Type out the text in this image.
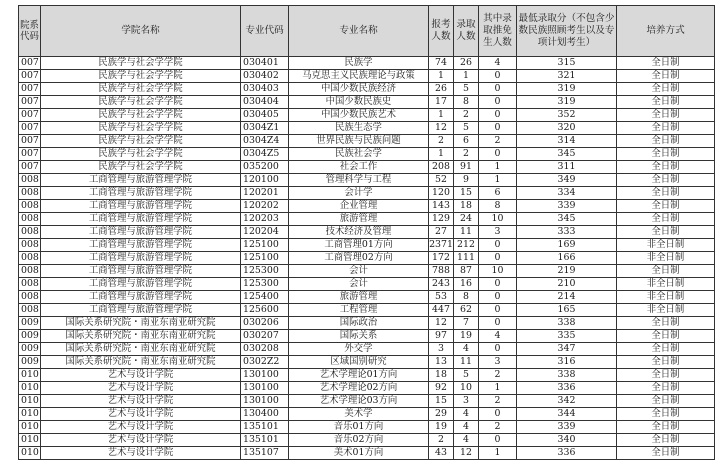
院系代码	学院名称	专业代码	专业名称	报考人数	录取人数	其中录取推免生人数	最低录取分（不包含少数民族照顾考生以及专项计划考生）	培养方式
007	民族学与社会学学院	030401	民族学	74	26	4	315	全日制
007	民族学与社会学学院	030402	马克思主义民族理论与政策	1	1	0	321	全日制
007	民族学与社会学学院	030403	中国少数民族经济	26	5	0	319	全日制
007	民族学与社会学学院	030404	中国少数民族史	17	8	0	319	全日制
007	民族学与社会学学院	030405	中国少数民族艺术	1	2	0	352	全日制
007	民族学与社会学学院	0304Z1	民族生态学	12	5	0	320	全日制
007	民族学与社会学学院	0304Z4	世界民族与民族问题	2	6	2	314	全日制
007	民族学与社会学学院	0304Z5	民族社会学	1	2	0	345	全日制
007	民族学与社会学学院	035200	社会工作	208	91	1	311	全日制
008	工商管理与旅游管理学院	120100	管理科学与工程	52	9	1	349	全日制
008	工商管理与旅游管理学院	120201	会计学	120	15	6	334	全日制
008	工商管理与旅游管理学院	120202	企业管理	143	18	8	339	全日制
008	工商管理与旅游管理学院	120203	旅游管理	129	24	10	345	全日制
008	工商管理与旅游管理学院	120204	技术经济及管理	27	11	3	333	全日制
008	工商管理与旅游管理学院	125100	工商管理01方向	2371	212	0	169	非全日制
008	工商管理与旅游管理学院	125100	工商管理02方向	172	111	0	166	非全日制
008	工商管理与旅游管理学院	125300	会计	788	87	10	219	全日制
008	工商管理与旅游管理学院	125300	会计	243	16	0	210	非全日制
008	工商管理与旅游管理学院	125400	旅游管理	53	8	0	214	非全日制
008	工商管理与旅游管理学院	125600	工程管理	447	62	0	165	非全日制
009	国际关系研究院・南亚东南亚研究院	030206	国际政治	12	7	0	338	全日制
009	国际关系研究院・南亚东南亚研究院	030207	国际关系	97	19	4	335	全日制
009	国际关系研究院・南亚东南亚研究院	030208	外交学	3	4	0	347	全日制
009	国际关系研究院・南亚东南亚研究院	0302Z2	区域国别研究	13	11	3	316	全日制
010	艺术与设计学院	130100	艺术学理论01方向	18	5	2	338	全日制
010	艺术与设计学院	130100	艺术学理论02方向	92	10	1	336	全日制
010	艺术与设计学院	130100	艺术学理论03方向	15	3	2	342	全日制
010	艺术与设计学院	130400	美术学	29	4	0	344	全日制
010	艺术与设计学院	135101	音乐01方向	19	4	2	339	全日制
010	艺术与设计学院	135101	音乐02方向	2	4	0	340	全日制
010	艺术与设计学院	135107	美术01方向	43	12	1	336	全日制
